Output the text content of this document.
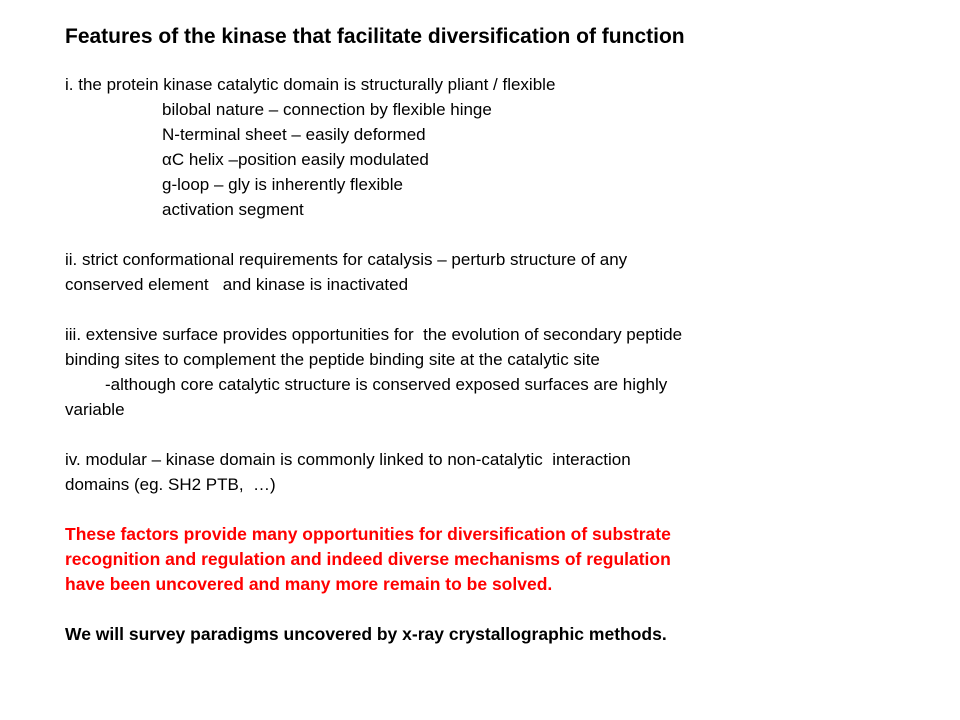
Features of the kinase that facilitate diversification of function
i. the protein kinase catalytic domain is structurally pliant / flexible
bilobal nature – connection by flexible hinge
N-terminal sheet – easily deformed
αC helix –position easily modulated
g-loop – gly is inherently flexible
activation segment
ii. strict conformational requirements for catalysis – perturb structure of any
conserved element   and kinase is inactivated
iii. extensive surface provides opportunities for  the evolution of secondary peptide
binding sites to complement the peptide binding site at the catalytic site
-although core catalytic structure is conserved exposed surfaces are highly
variable
iv. modular – kinase domain is commonly linked to non-catalytic  interaction
domains (eg. SH2 PTB,  …)
These factors provide many opportunities for diversification of substrate
recognition and regulation and indeed diverse mechanisms of regulation
have been uncovered and many more remain to be solved.
We will survey paradigms uncovered by x-ray crystallographic methods.
